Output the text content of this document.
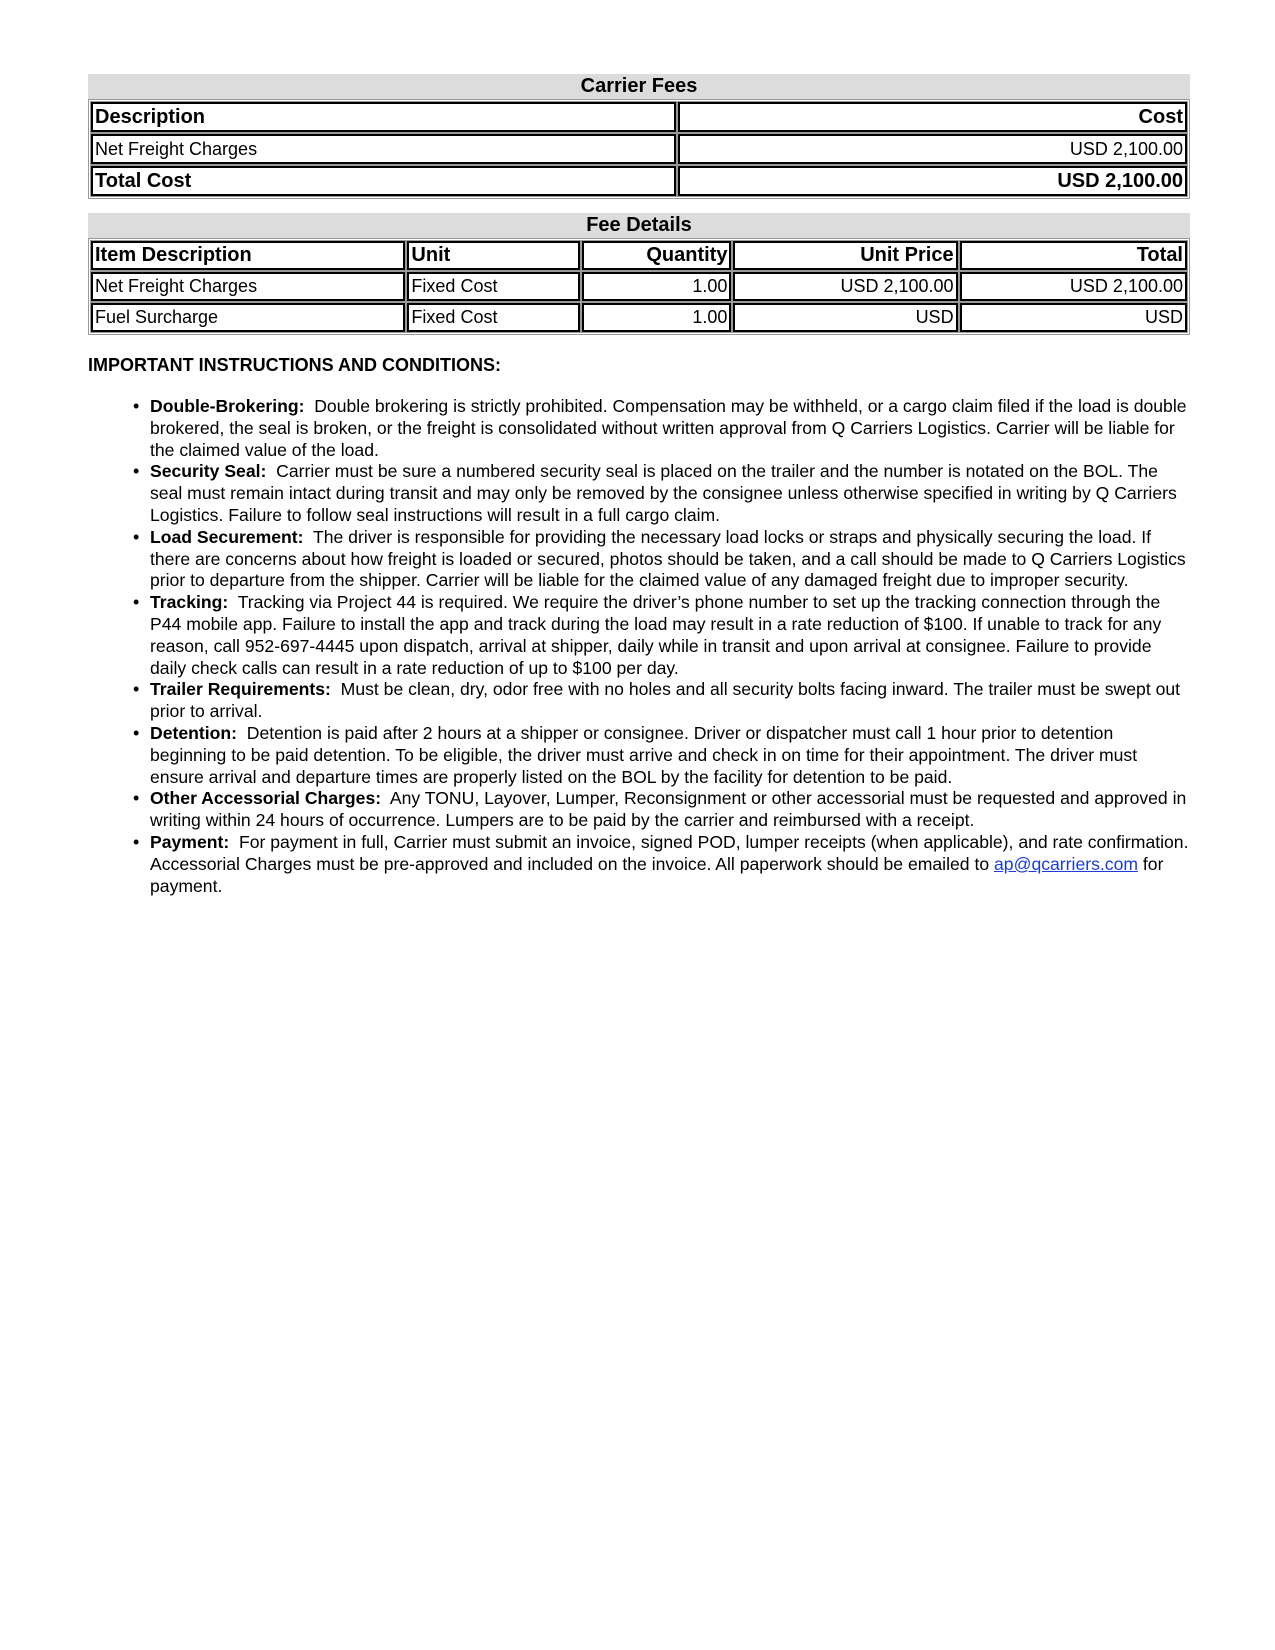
Carrier Fees
Description	Cost
Net Freight Charges	USD 2,100.00
Total Cost	USD 2,100.00
Fee Details
Item Description	Unit	Quantity	Unit Price	Total
Net Freight Charges	Fixed Cost	1.00	USD 2,100.00	USD 2,100.00
Fuel Surcharge	Fixed Cost	1.00	USD	USD
IMPORTANT INSTRUCTIONS AND CONDITIONS:
• Double-Brokering: Double brokering is strictly prohibited. Compensation may be withheld, or a cargo claim filed if the load is double brokered, the seal is broken, or the freight is consolidated without written approval from Q Carriers Logistics. Carrier will be liable for the claimed value of the load.
• Security Seal: Carrier must be sure a numbered security seal is placed on the trailer and the number is notated on the BOL. The seal must remain intact during transit and may only be removed by the consignee unless otherwise specified in writing by Q Carriers Logistics. Failure to follow seal instructions will result in a full cargo claim.
• Load Securement: The driver is responsible for providing the necessary load locks or straps and physically securing the load. If there are concerns about how freight is loaded or secured, photos should be taken, and a call should be made to Q Carriers Logistics prior to departure from the shipper. Carrier will be liable for the claimed value of any damaged freight due to improper security.
• Tracking: Tracking via Project 44 is required. We require the driver’s phone number to set up the tracking connection through the P44 mobile app. Failure to install the app and track during the load may result in a rate reduction of $100. If unable to track for any reason, call 952-697-4445 upon dispatch, arrival at shipper, daily while in transit and upon arrival at consignee. Failure to provide daily check calls can result in a rate reduction of up to $100 per day.
• Trailer Requirements: Must be clean, dry, odor free with no holes and all security bolts facing inward. The trailer must be swept out prior to arrival.
• Detention: Detention is paid after 2 hours at a shipper or consignee. Driver or dispatcher must call 1 hour prior to detention beginning to be paid detention. To be eligible, the driver must arrive and check in on time for their appointment. The driver must ensure arrival and departure times are properly listed on the BOL by the facility for detention to be paid.
• Other Accessorial Charges: Any TONU, Layover, Lumper, Reconsignment or other accessorial must be requested and approved in writing within 24 hours of occurrence. Lumpers are to be paid by the carrier and reimbursed with a receipt.
• Payment: For payment in full, Carrier must submit an invoice, signed POD, lumper receipts (when applicable), and rate confirmation. Accessorial Charges must be pre-approved and included on the invoice. All paperwork should be emailed to ap@qcarriers.com for payment.
